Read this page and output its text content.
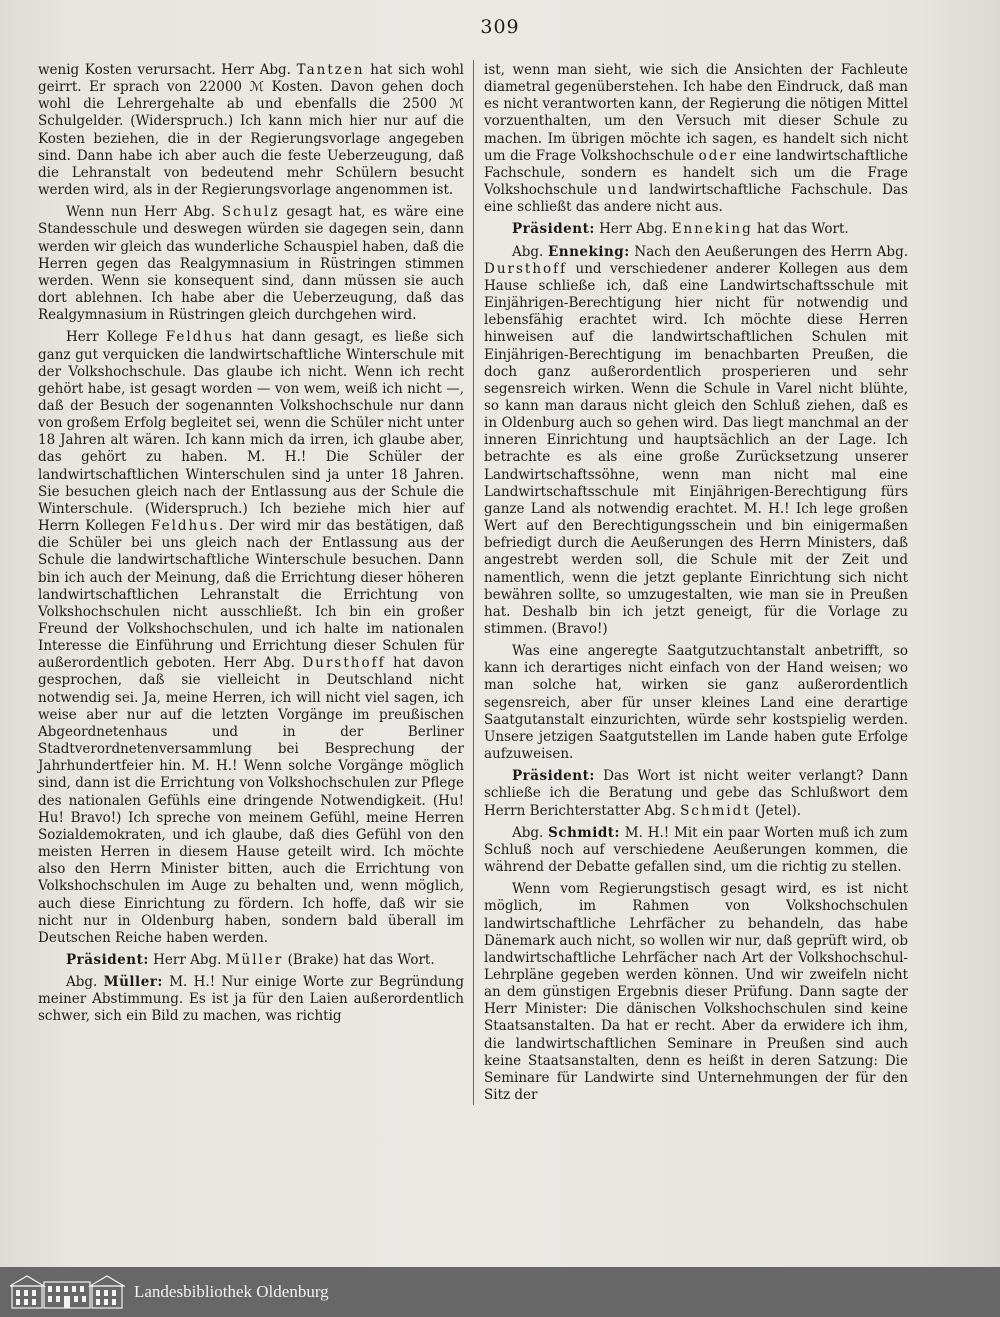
309

wenig Kosten verursacht. Herr Abg. Tantzen hat sich wohl geirrt. Er sprach von 22000 ℳ Kosten. Davon gehen doch wohl die Lehrergehalte ab und ebenfalls die 2500 ℳ Schulgelder. (Widerspruch.) Ich kann mich hier nur auf die Kosten beziehen, die in der Regierungsvorlage angegeben sind. Dann habe ich aber auch die feste Ueberzeugung, daß die Lehranstalt von bedeutend mehr Schülern besucht werden wird, als in der Regierungsvorlage angenommen ist.

Wenn nun Herr Abg. Schulz gesagt hat, es wäre eine Standesschule und deswegen würden sie dagegen sein, dann werden wir gleich das wunderliche Schauspiel haben, daß die Herren gegen das Realgymnasium in Rüstringen stimmen werden. Wenn sie konsequent sind, dann müssen sie auch dort ablehnen. Ich habe aber die Ueberzeugung, daß das Realgymnasium in Rüstringen gleich durchgehen wird.

Herr Kollege Feldhus hat dann gesagt, es ließe sich ganz gut verquicken die landwirtschaftliche Winterschule mit der Volkshochschule. Das glaube ich nicht. Wenn ich recht gehört habe, ist gesagt worden — von wem, weiß ich nicht —, daß der Besuch der sogenannten Volkshochschule nur dann von großem Erfolg begleitet sei, wenn die Schüler nicht unter 18 Jahren alt wären. Ich kann mich da irren, ich glaube aber, das gehört zu haben. M. H.! Die Schüler der landwirtschaftlichen Winterschulen sind ja unter 18 Jahren. Sie besuchen gleich nach der Entlassung aus der Schule die Winterschule. (Widerspruch.) Ich beziehe mich hier auf Herrn Kollegen Feldhus. Der wird mir das bestätigen, daß die Schüler bei uns gleich nach der Entlassung aus der Schule die landwirtschaftliche Winterschule besuchen. Dann bin ich auch der Meinung, daß die Errichtung dieser höheren landwirtschaftlichen Lehranstalt die Errichtung von Volkshochschulen nicht ausschließt. Ich bin ein großer Freund der Volkshochschulen, und ich halte im nationalen Interesse die Einführung und Errichtung dieser Schulen für außerordentlich geboten. Herr Abg. Dursthoff hat davon gesprochen, daß sie vielleicht in Deutschland nicht notwendig sei. Ja, meine Herren, ich will nicht viel sagen, ich weise aber nur auf die letzten Vorgänge im preußischen Abgeordnetenhaus und in der Berliner Stadtverordnetenversammlung bei Besprechung der Jahrhundertfeier hin. M. H.! Wenn solche Vorgänge möglich sind, dann ist die Errichtung von Volkshochschulen zur Pflege des nationalen Gefühls eine dringende Notwendigkeit. (Hu! Hu! Bravo!) Ich spreche von meinem Gefühl, meine Herren Sozialdemokraten, und ich glaube, daß dies Gefühl von den meisten Herren in diesem Hause geteilt wird. Ich möchte also den Herrn Minister bitten, auch die Errichtung von Volkshochschulen im Auge zu behalten und, wenn möglich, auch diese Einrichtung zu fördern. Ich hoffe, daß wir sie nicht nur in Oldenburg haben, sondern bald überall im Deutschen Reiche haben werden.

Präsident: Herr Abg. Müller (Brake) hat das Wort.

Abg. Müller: M. H.! Nur einige Worte zur Begründung meiner Abstimmung. Es ist ja für den Laien außerordentlich schwer, sich ein Bild zu machen, was richtig

ist, wenn man sieht, wie sich die Ansichten der Fachleute diametral gegenüberstehen. Ich habe den Eindruck, daß man es nicht verantworten kann, der Regierung die nötigen Mittel vorzuenthalten, um den Versuch mit dieser Schule zu machen. Im übrigen möchte ich sagen, es handelt sich nicht um die Frage Volkshochschule oder eine landwirtschaftliche Fachschule, sondern es handelt sich um die Frage Volkshochschule und landwirtschaftliche Fachschule. Das eine schließt das andere nicht aus.

Präsident: Herr Abg. Enneking hat das Wort.

Abg. Enneking: Nach den Aeußerungen des Herrn Abg. Dursthoff und verschiedener anderer Kollegen aus dem Hause schließe ich, daß eine Landwirtschaftsschule mit Einjährigen-Berechtigung hier nicht für notwendig und lebensfähig erachtet wird. Ich möchte diese Herren hinweisen auf die landwirtschaftlichen Schulen mit Einjährigen-Berechtigung im benachbarten Preußen, die doch ganz außerordentlich prosperieren und sehr segensreich wirken. Wenn die Schule in Varel nicht blühte, so kann man daraus nicht gleich den Schluß ziehen, daß es in Oldenburg auch so gehen wird. Das liegt manchmal an der inneren Einrichtung und hauptsächlich an der Lage. Ich betrachte es als eine große Zurücksetzung unserer Landwirtschaftssöhne, wenn man nicht mal eine Landwirtschaftsschule mit Einjährigen-Berechtigung fürs ganze Land als notwendig erachtet. M. H.! Ich lege großen Wert auf den Berechtigungsschein und bin einigermaßen befriedigt durch die Aeußerungen des Herrn Ministers, daß angestrebt werden soll, die Schule mit der Zeit und namentlich, wenn die jetzt geplante Einrichtung sich nicht bewähren sollte, so umzugestalten, wie man sie in Preußen hat. Deshalb bin ich jetzt geneigt, für die Vorlage zu stimmen. (Bravo!)

Was eine angeregte Saatgutzuchtanstalt anbetrifft, so kann ich derartiges nicht einfach von der Hand weisen; wo man solche hat, wirken sie ganz außerordentlich segensreich, aber für unser kleines Land eine derartige Saatgutanstalt einzurichten, würde sehr kostspielig werden. Unsere jetzigen Saatgutstellen im Lande haben gute Erfolge aufzuweisen.

Präsident: Das Wort ist nicht weiter verlangt? Dann schließe ich die Beratung und gebe das Schlußwort dem Herrn Berichterstatter Abg. Schmidt (Jetel).

Abg. Schmidt: M. H.! Mit ein paar Worten muß ich zum Schluß noch auf verschiedene Aeußerungen kommen, die während der Debatte gefallen sind, um die richtig zu stellen.

Wenn vom Regierungstisch gesagt wird, es ist nicht möglich, im Rahmen von Volkshochschulen landwirtschaftliche Lehrfächer zu behandeln, das habe Dänemark auch nicht, so wollen wir nur, daß geprüft wird, ob landwirtschaftliche Lehrfächer nach Art der Volkshochschul-Lehrpläne gegeben werden können. Und wir zweifeln nicht an dem günstigen Ergebnis dieser Prüfung. Dann sagte der Herr Minister: Die dänischen Volkshochschulen sind keine Staatsanstalten. Da hat er recht. Aber da erwidere ich ihm, die landwirtschaftlichen Seminare in Preußen sind auch keine Staatsanstalten, denn es heißt in deren Satzung: Die Seminare für Landwirte sind Unternehmungen der für den Sitz der

Landesbibliothek Oldenburg
